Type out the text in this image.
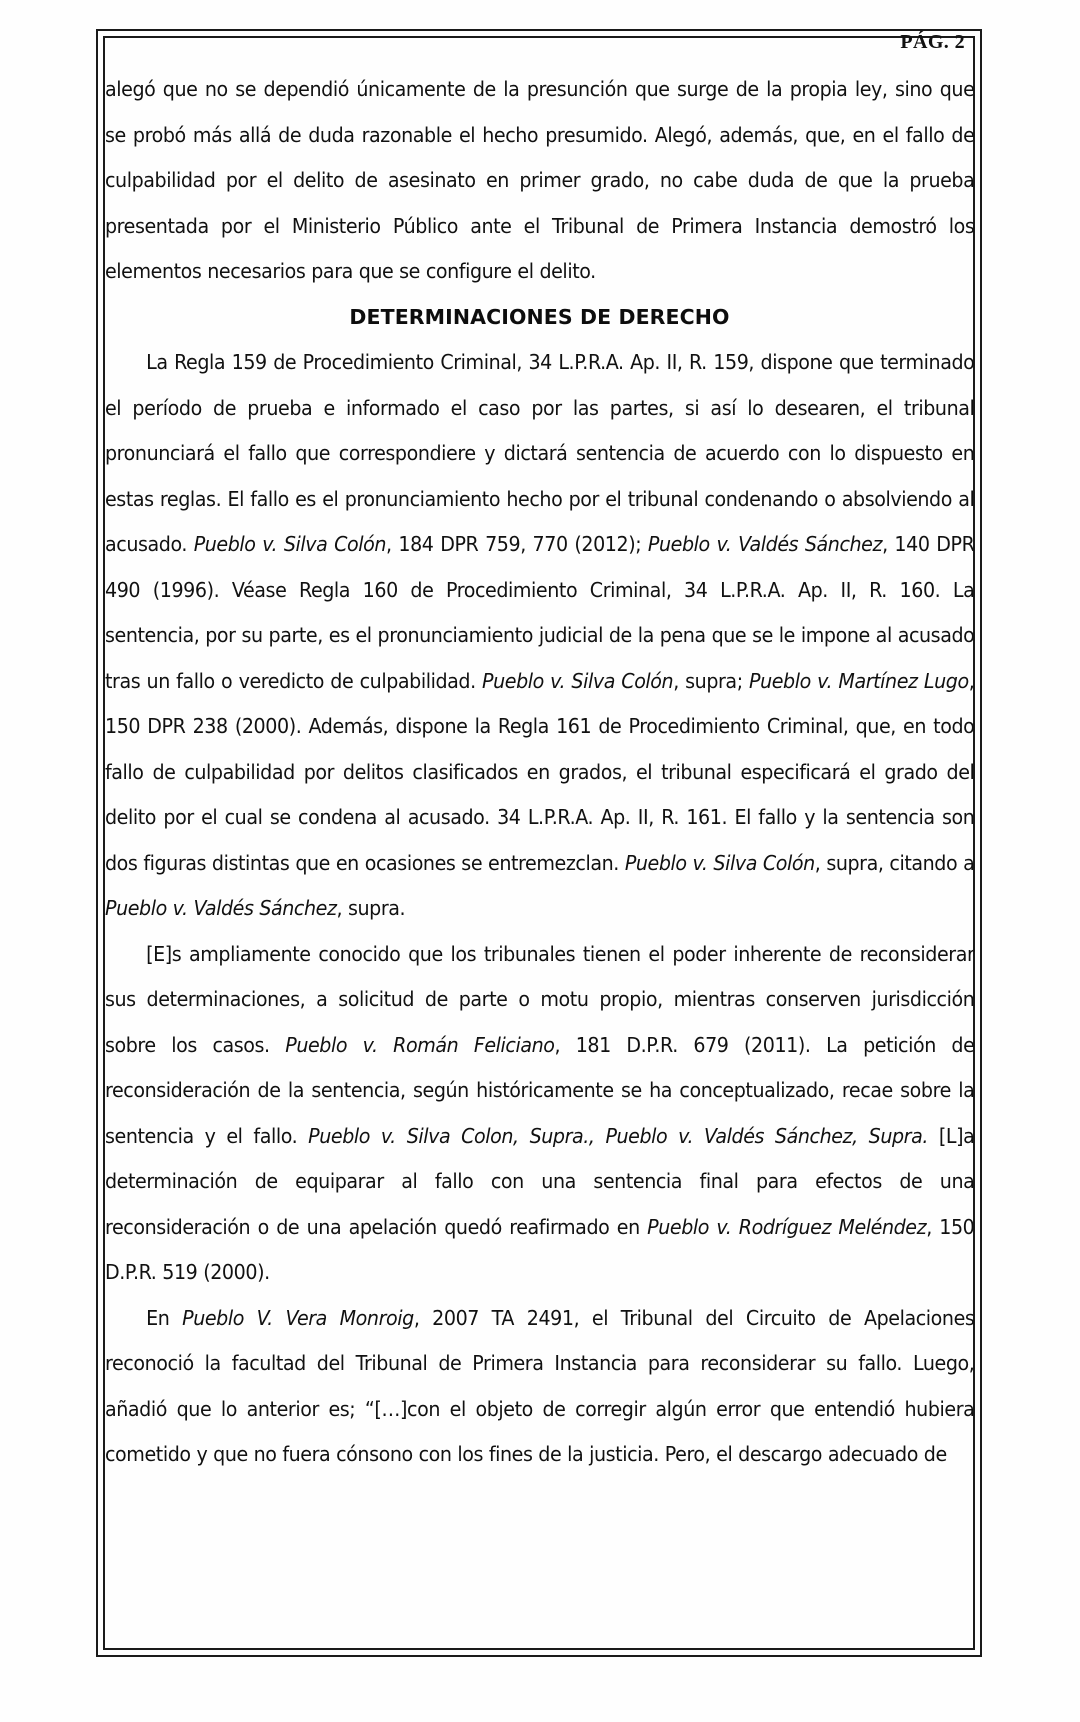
PÁG. 2

alegó que no se dependió únicamente de la presunción que surge de la propia ley, sino que se probó más allá de duda razonable el hecho presumido. Alegó, además, que, en el fallo de culpabilidad por el delito de asesinato en primer grado, no cabe duda de que la prueba presentada por el Ministerio Público ante el Tribunal de Primera Instancia demostró los elementos necesarios para que se configure el delito.

DETERMINACIONES DE DERECHO

La Regla 159 de Procedimiento Criminal, 34 L.P.R.A. Ap. II, R. 159, dispone que terminado el período de prueba e informado el caso por las partes, si así lo desearen, el tribunal pronunciará el fallo que correspondiere y dictará sentencia de acuerdo con lo dispuesto en estas reglas. El fallo es el pronunciamiento hecho por el tribunal condenando o absolviendo al acusado. Pueblo v. Silva Colón, 184 DPR 759, 770 (2012); Pueblo v. Valdés Sánchez, 140 DPR 490 (1996). Véase Regla 160 de Procedimiento Criminal, 34 L.P.R.A. Ap. II, R. 160. La sentencia, por su parte, es el pronunciamiento judicial de la pena que se le impone al acusado tras un fallo o veredicto de culpabilidad. Pueblo v. Silva Colón, supra; Pueblo v. Martínez Lugo, 150 DPR 238 (2000). Además, dispone la Regla 161 de Procedimiento Criminal, que, en todo fallo de culpabilidad por delitos clasificados en grados, el tribunal especificará el grado del delito por el cual se condena al acusado. 34 L.P.R.A. Ap. II, R. 161. El fallo y la sentencia son dos figuras distintas que en ocasiones se entremezclan. Pueblo v. Silva Colón, supra, citando a Pueblo v. Valdés Sánchez, supra.

[E]s ampliamente conocido que los tribunales tienen el poder inherente de reconsiderar sus determinaciones, a solicitud de parte o motu propio, mientras conserven jurisdicción sobre los casos. Pueblo v. Román Feliciano, 181 D.P.R. 679 (2011). La petición de reconsideración de la sentencia, según históricamente se ha conceptualizado, recae sobre la sentencia y el fallo. Pueblo v. Silva Colon, Supra., Pueblo v. Valdés Sánchez, Supra. [L]a determinación de equiparar al fallo con una sentencia final para efectos de una reconsideración o de una apelación quedó reafirmado en Pueblo v. Rodríguez Meléndez, 150 D.P.R. 519 (2000).

En Pueblo V. Vera Monroig, 2007 TA 2491, el Tribunal del Circuito de Apelaciones reconoció la facultad del Tribunal de Primera Instancia para reconsiderar su fallo. Luego, añadió que lo anterior es; “[…]con el objeto de corregir algún error que entendió hubiera cometido y que no fuera cónsono con los fines de la justicia. Pero, el descargo adecuado de
